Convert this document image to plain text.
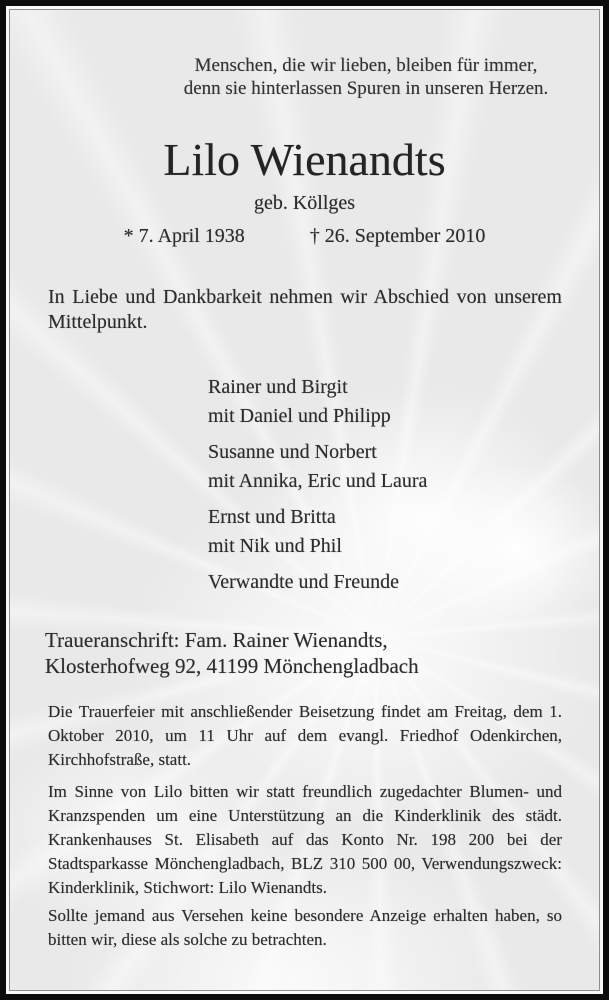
Menschen, die wir lieben, bleiben für immer,
denn sie hinterlassen Spuren in unseren Herzen.
Lilo Wienandts
geb. Köllges
* 7. April 1938	† 26. September 2010

In Liebe und Dankbarkeit nehmen wir Abschied von unserem Mittelpunkt.

Rainer und Birgit
mit Daniel und Philipp
Susanne und Norbert
mit Annika, Eric und Laura
Ernst und Britta
mit Nik und Phil
Verwandte und Freunde
Traueranschrift: Fam. Rainer Wienandts,
Klosterhofweg 92, 41199 Mönchengladbach

Die Trauerfeier mit anschließender Beisetzung findet am Freitag, dem 1. Oktober 2010, um 11 Uhr auf dem evangl. Friedhof Odenkirchen, Kirchhofstraße, statt.

Im Sinne von Lilo bitten wir statt freundlich zugedachter Blumen- und Kranzspenden um eine Unterstützung an die Kinderklinik des städt. Krankenhauses St. Elisabeth auf das Konto Nr. 198 200 bei der Stadtsparkasse Mönchengladbach, BLZ 310 500 00, Verwendungszweck: Kinderklinik, Stichwort: Lilo Wienandts.

Sollte jemand aus Versehen keine besondere Anzeige erhalten haben, so bitten wir, diese als solche zu betrachten.
